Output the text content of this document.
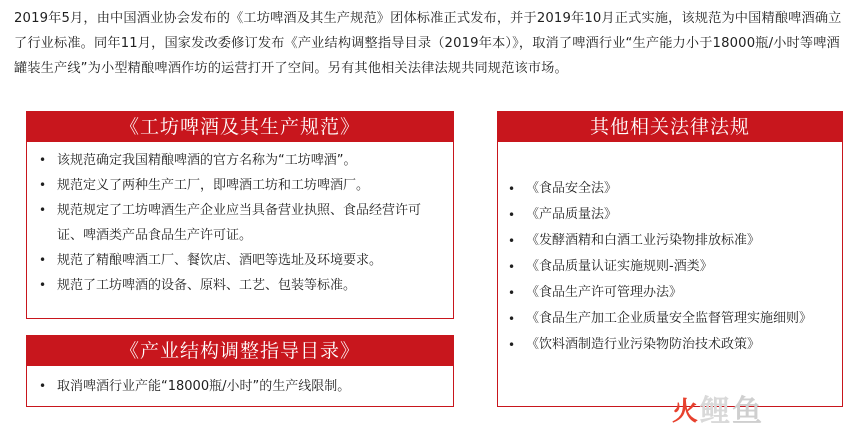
2019年5月，由中国酒业协会发布的《工坊啤酒及其生产规范》团体标准正式发布，并于2019年10月正式实施，该规范为中国精酿啤酒确立了行业标准。同年11月，国家发改委修订发布《产业结构调整指导目录（2019年本）》，取消了啤酒行业“生产能力小于18000瓶/小时等啤酒罐装生产线”为小型精酿啤酒作坊的运营打开了空间。另有其他相关法律法规共同规范该市场。

《工坊啤酒及其生产规范》
• 该规范确定我国精酿啤酒的官方名称为“工坊啤酒”。
• 规范定义了两种生产工厂，即啤酒工坊和工坊啤酒厂。
• 规范规定了工坊啤酒生产企业应当具备营业执照、食品经营许可证、啤酒类产品食品生产许可证。
• 规范了精酿啤酒工厂、餐饮店、酒吧等选址及环境要求。
• 规范了工坊啤酒的设备、原料、工艺、包装等标准。
《产业结构调整指导目录》
• 取消啤酒行业产能“18000瓶/小时”的生产线限制。
其他相关法律法规
• 《食品安全法》
• 《产品质量法》
• 《发酵酒精和白酒工业污染物排放标准》
• 《食品质量认证实施规则-酒类》
• 《食品生产许可管理办法》
• 《食品生产加工企业质量安全监督管理实施细则》
• 《饮料酒制造行业污染物防治技术政策》
火 鲤 鱼
